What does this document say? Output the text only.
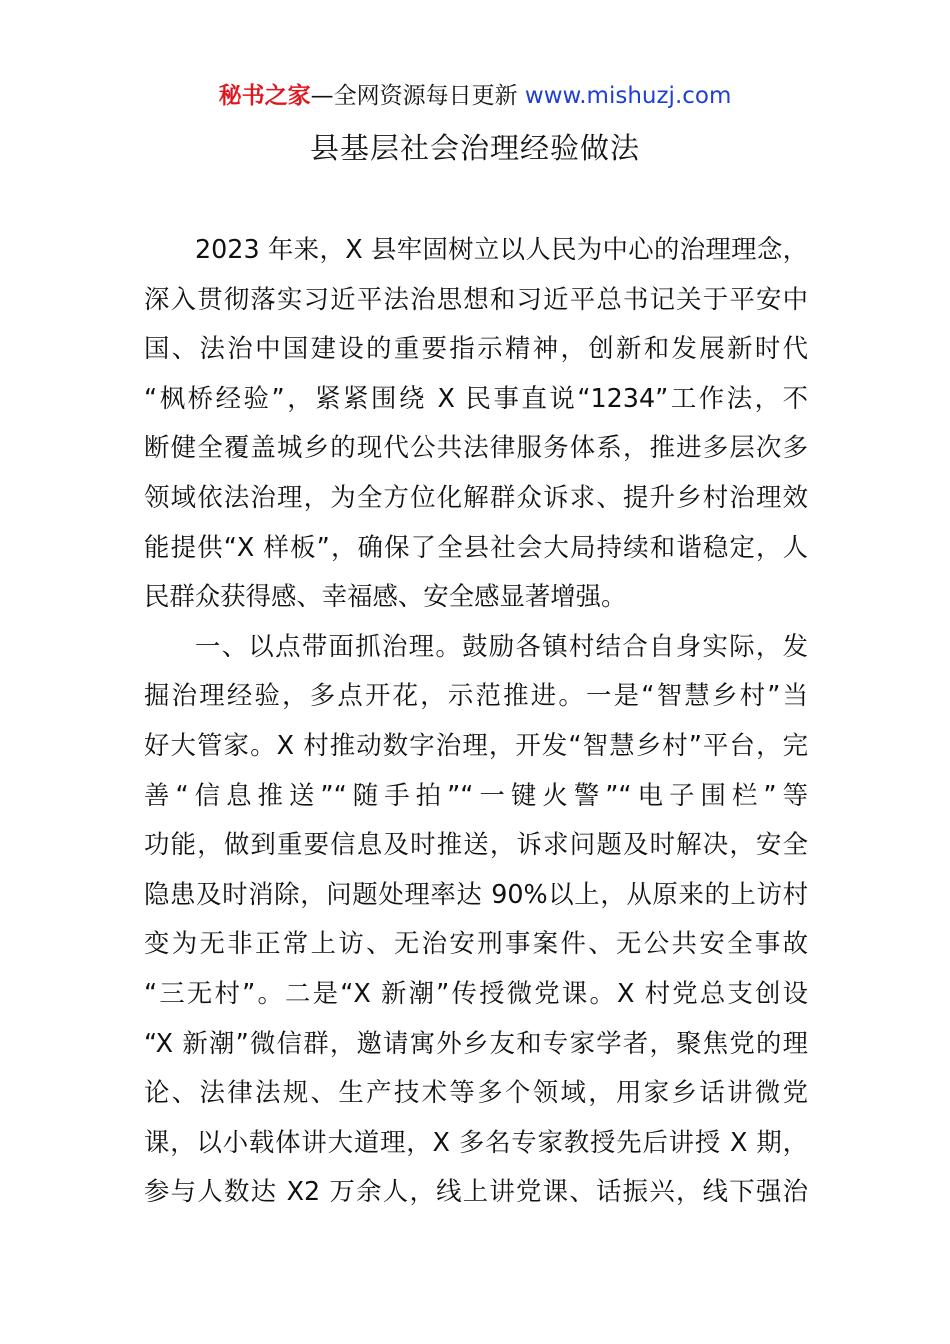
秘书之家—全网资源每日更新 www.mishuzj.com
县基层社会治理经验做法
2023 年来，X 县牢固树立以人民为中心的治理理念，
深入贯彻落实习近平法治思想和习近平总书记关于平安中
国、法治中国建设的重要指示精神，创新和发展新时代
“枫桥经验”，紧紧围绕 X 民事直说“1234”工作法，不
断健全覆盖城乡的现代公共法律服务体系，推进多层次多
领域依法治理，为全方位化解群众诉求、提升乡村治理效
能提供“X 样板”，确保了全县社会大局持续和谐稳定，人
民群众获得感、幸福感、安全感显著增强。
一、以点带面抓治理。鼓励各镇村结合自身实际，发
掘治理经验，多点开花，示范推进。一是“智慧乡村”当
好大管家。X 村推动数字治理，开发“智慧乡村”平台，完
善“信息推送”“随手拍”“一键火警”“电子围栏”等
功能，做到重要信息及时推送，诉求问题及时解决，安全
隐患及时消除，问题处理率达 90%以上，从原来的上访村
变为无非正常上访、无治安刑事案件、无公共安全事故
“三无村”。二是“X 新潮”传授微党课。X 村党总支创设
“X 新潮”微信群，邀请寓外乡友和专家学者，聚焦党的理
论、法律法规、生产技术等多个领域，用家乡话讲微党
课，以小载体讲大道理，X 多名专家教授先后讲授 X 期，
参与人数达 X2 万余人，线上讲党课、话振兴，线下强治
